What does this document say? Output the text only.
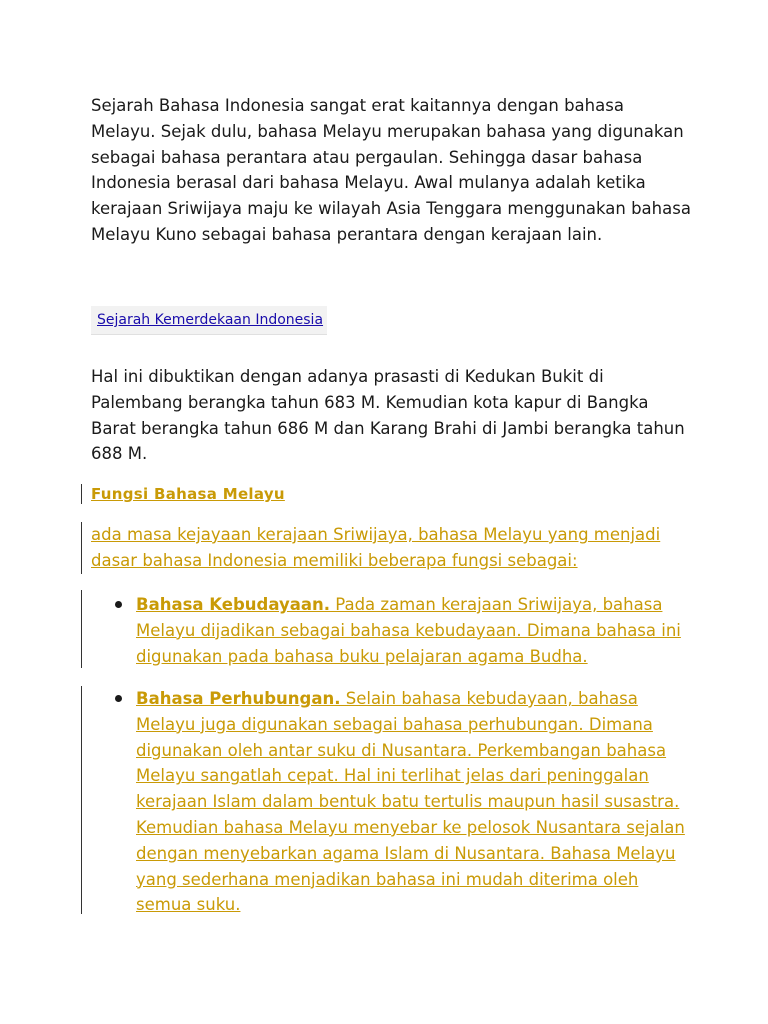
Sejarah Bahasa Indonesia sangat erat kaitannya dengan bahasa Melayu. Sejak dulu, bahasa Melayu merupakan bahasa yang digunakan sebagai bahasa perantara atau pergaulan. Sehingga dasar bahasa Indonesia berasal dari bahasa Melayu. Awal mulanya adalah ketika kerajaan Sriwijaya maju ke wilayah Asia Tenggara menggunakan bahasa Melayu Kuno sebagai bahasa perantara dengan kerajaan lain.

Sejarah Kemerdekaan Indonesia

Hal ini dibuktikan dengan adanya prasasti di Kedukan Bukit di Palembang berangka tahun 683 M. Kemudian kota kapur di Bangka Barat berangka tahun 686 M dan Karang Brahi di Jambi berangka tahun 688 M.

Fungsi Bahasa Melayu

ada masa kejayaan kerajaan Sriwijaya, bahasa Melayu yang menjadi dasar bahasa Indonesia memiliki beberapa fungsi sebagai:

Bahasa Kebudayaan. Pada zaman kerajaan Sriwijaya, bahasa Melayu dijadikan sebagai bahasa kebudayaan. Dimana bahasa ini digunakan pada bahasa buku pelajaran agama Budha.

Bahasa Perhubungan. Selain bahasa kebudayaan, bahasa Melayu juga digunakan sebagai bahasa perhubungan. Dimana digunakan oleh antar suku di Nusantara. Perkembangan bahasa Melayu sangatlah cepat. Hal ini terlihat jelas dari peninggalan kerajaan Islam dalam bentuk batu tertulis maupun hasil susastra. Kemudian bahasa Melayu menyebar ke pelosok Nusantara sejalan dengan menyebarkan agama Islam di Nusantara. Bahasa Melayu yang sederhana menjadikan bahasa ini mudah diterima oleh semua suku.
